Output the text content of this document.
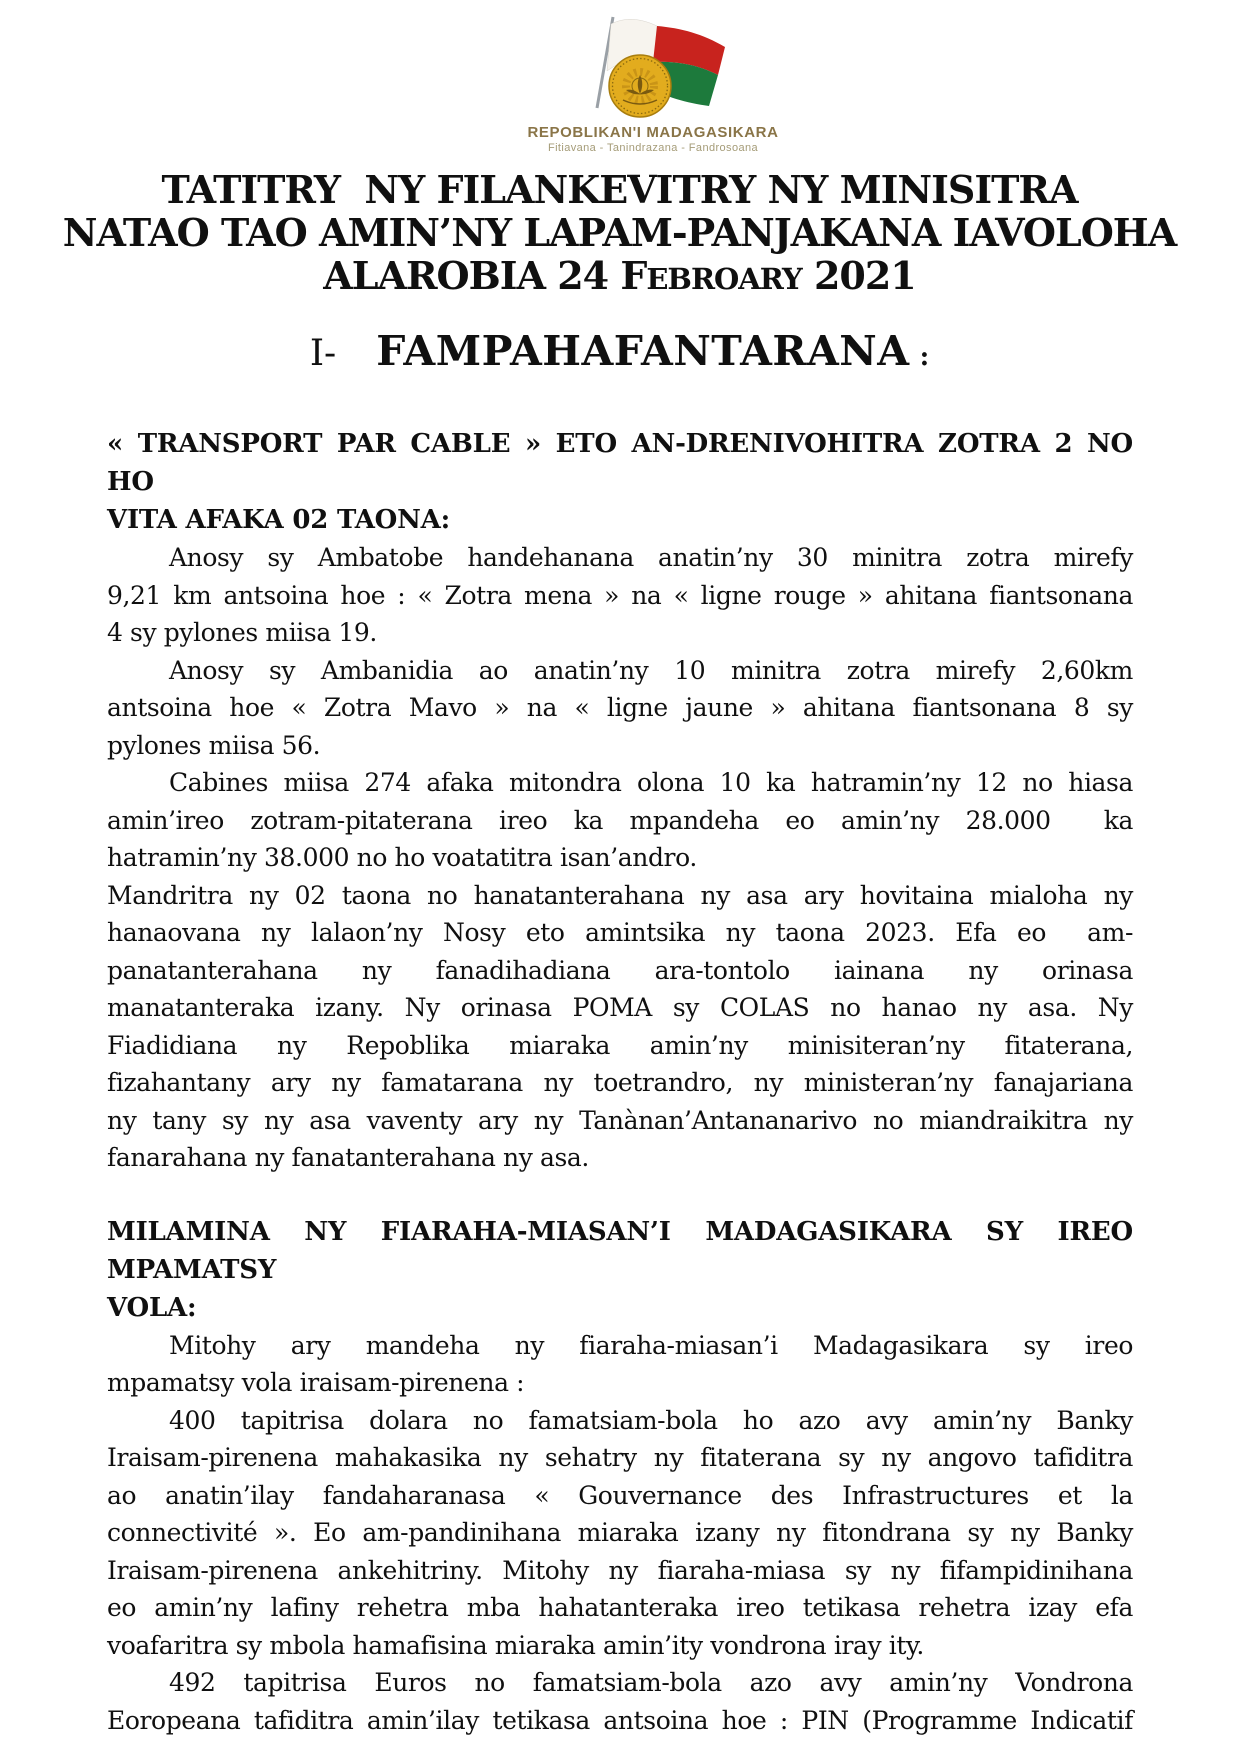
REPOBLIKAN'I MADAGASIKARA
Fitiavana - Tanindrazana - Fandrosoana
TATITRY  NY FILANKEVITRY NY MINISITRA
NATAO TAO AMIN’NY LAPAM-PANJAKANA IAVOLOHA
ALAROBIA 24 FEBROARY 2021
I- FAMPAHAFANTARANA :
« TRANSPORT PAR CABLE » ETO AN-DRENIVOHITRA ZOTRA 2 NO HO
VITA AFAKA 02 TAONA:
Anosy sy Ambatobe handehanana anatin’ny 30 minitra zotra mirefy
9,21 km antsoina hoe : « Zotra mena » na « ligne rouge » ahitana fiantsonana
4 sy pylones miisa 19.
Anosy sy Ambanidia ao anatin’ny 10 minitra zotra mirefy 2,60km
antsoina hoe « Zotra Mavo » na « ligne jaune » ahitana fiantsonana 8 sy
pylones miisa 56.
Cabines miisa 274 afaka mitondra olona 10 ka hatramin’ny 12 no hiasa
amin’ireo zotram-pitaterana ireo ka mpandeha eo amin’ny 28.000  ka
hatramin’ny 38.000 no ho voatatitra isan’andro.
Mandritra ny 02 taona no hanatanterahana ny asa ary hovitaina mialoha ny
hanaovana ny lalaon’ny Nosy eto amintsika ny taona 2023. Efa eo  am-
panatanterahana ny fanadihadiana ara-tontolo iainana ny orinasa
manatanteraka izany. Ny orinasa POMA sy COLAS no hanao ny asa. Ny
Fiadidiana ny Repoblika miaraka amin’ny minisiteran’ny fitaterana,
fizahantany ary ny famatarana ny toetrandro, ny ministeran’ny fanajariana
ny tany sy ny asa vaventy ary ny Tanànan’Antananarivo no miandraikitra ny
fanarahana ny fanatanterahana ny asa.
MILAMINA NY FIARAHA-MIASAN’I MADAGASIKARA SY IREO MPAMATSY
VOLA:
Mitohy ary mandeha ny fiaraha-miasan’i Madagasikara sy ireo
mpamatsy vola iraisam-pirenena :
400 tapitrisa dolara no famatsiam-bola ho azo avy amin’ny Banky
Iraisam-pirenena mahakasika ny sehatry ny fitaterana sy ny angovo tafiditra
ao anatin’ilay fandaharanasa « Gouvernance des Infrastructures et la
connectivité ». Eo am-pandinihana miaraka izany ny fitondrana sy ny Banky
Iraisam-pirenena ankehitriny. Mitohy ny fiaraha-miasa sy ny fifampidinihana
eo amin’ny lafiny rehetra mba hahatanteraka ireo tetikasa rehetra izay efa
voafaritra sy mbola hamafisina miaraka amin’ity vondrona iray ity.
492 tapitrisa Euros no famatsiam-bola azo avy amin’ny Vondrona
Eoropeana tafiditra amin’ilay tetikasa antsoina hoe : PIN (Programme Indicatif
